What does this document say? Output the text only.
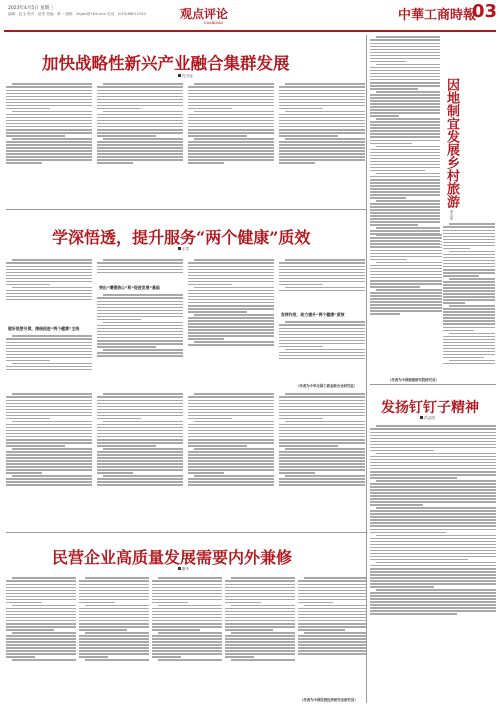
2023年4月5日 星期三
编辑：赵玉 校对：赵青 美编：黄一 邮箱：zhgsb@163.com 电话：(010)88011234	观点评论
GUANDIAN	中華工商時報
03
加快战略性新兴产业融合集群发展
孔令达
因地制宜发展乡村旅游
李文华
（作者为中国旅游研究院研究员）
学深悟透，提升服务“两个健康”质效
王学
做好思想引领，围绕促进“两个健康”主线
突出“增强信心”和“促进发展”基础
发挥作用，助力提升“两个健康”质效
（作者为中华全国工商业联合会研究室）
民营企业高质量发展需要内外兼修
陈中
（作者为中国民营经济研究会研究员）
发扬钉钉子精神
冯志国
